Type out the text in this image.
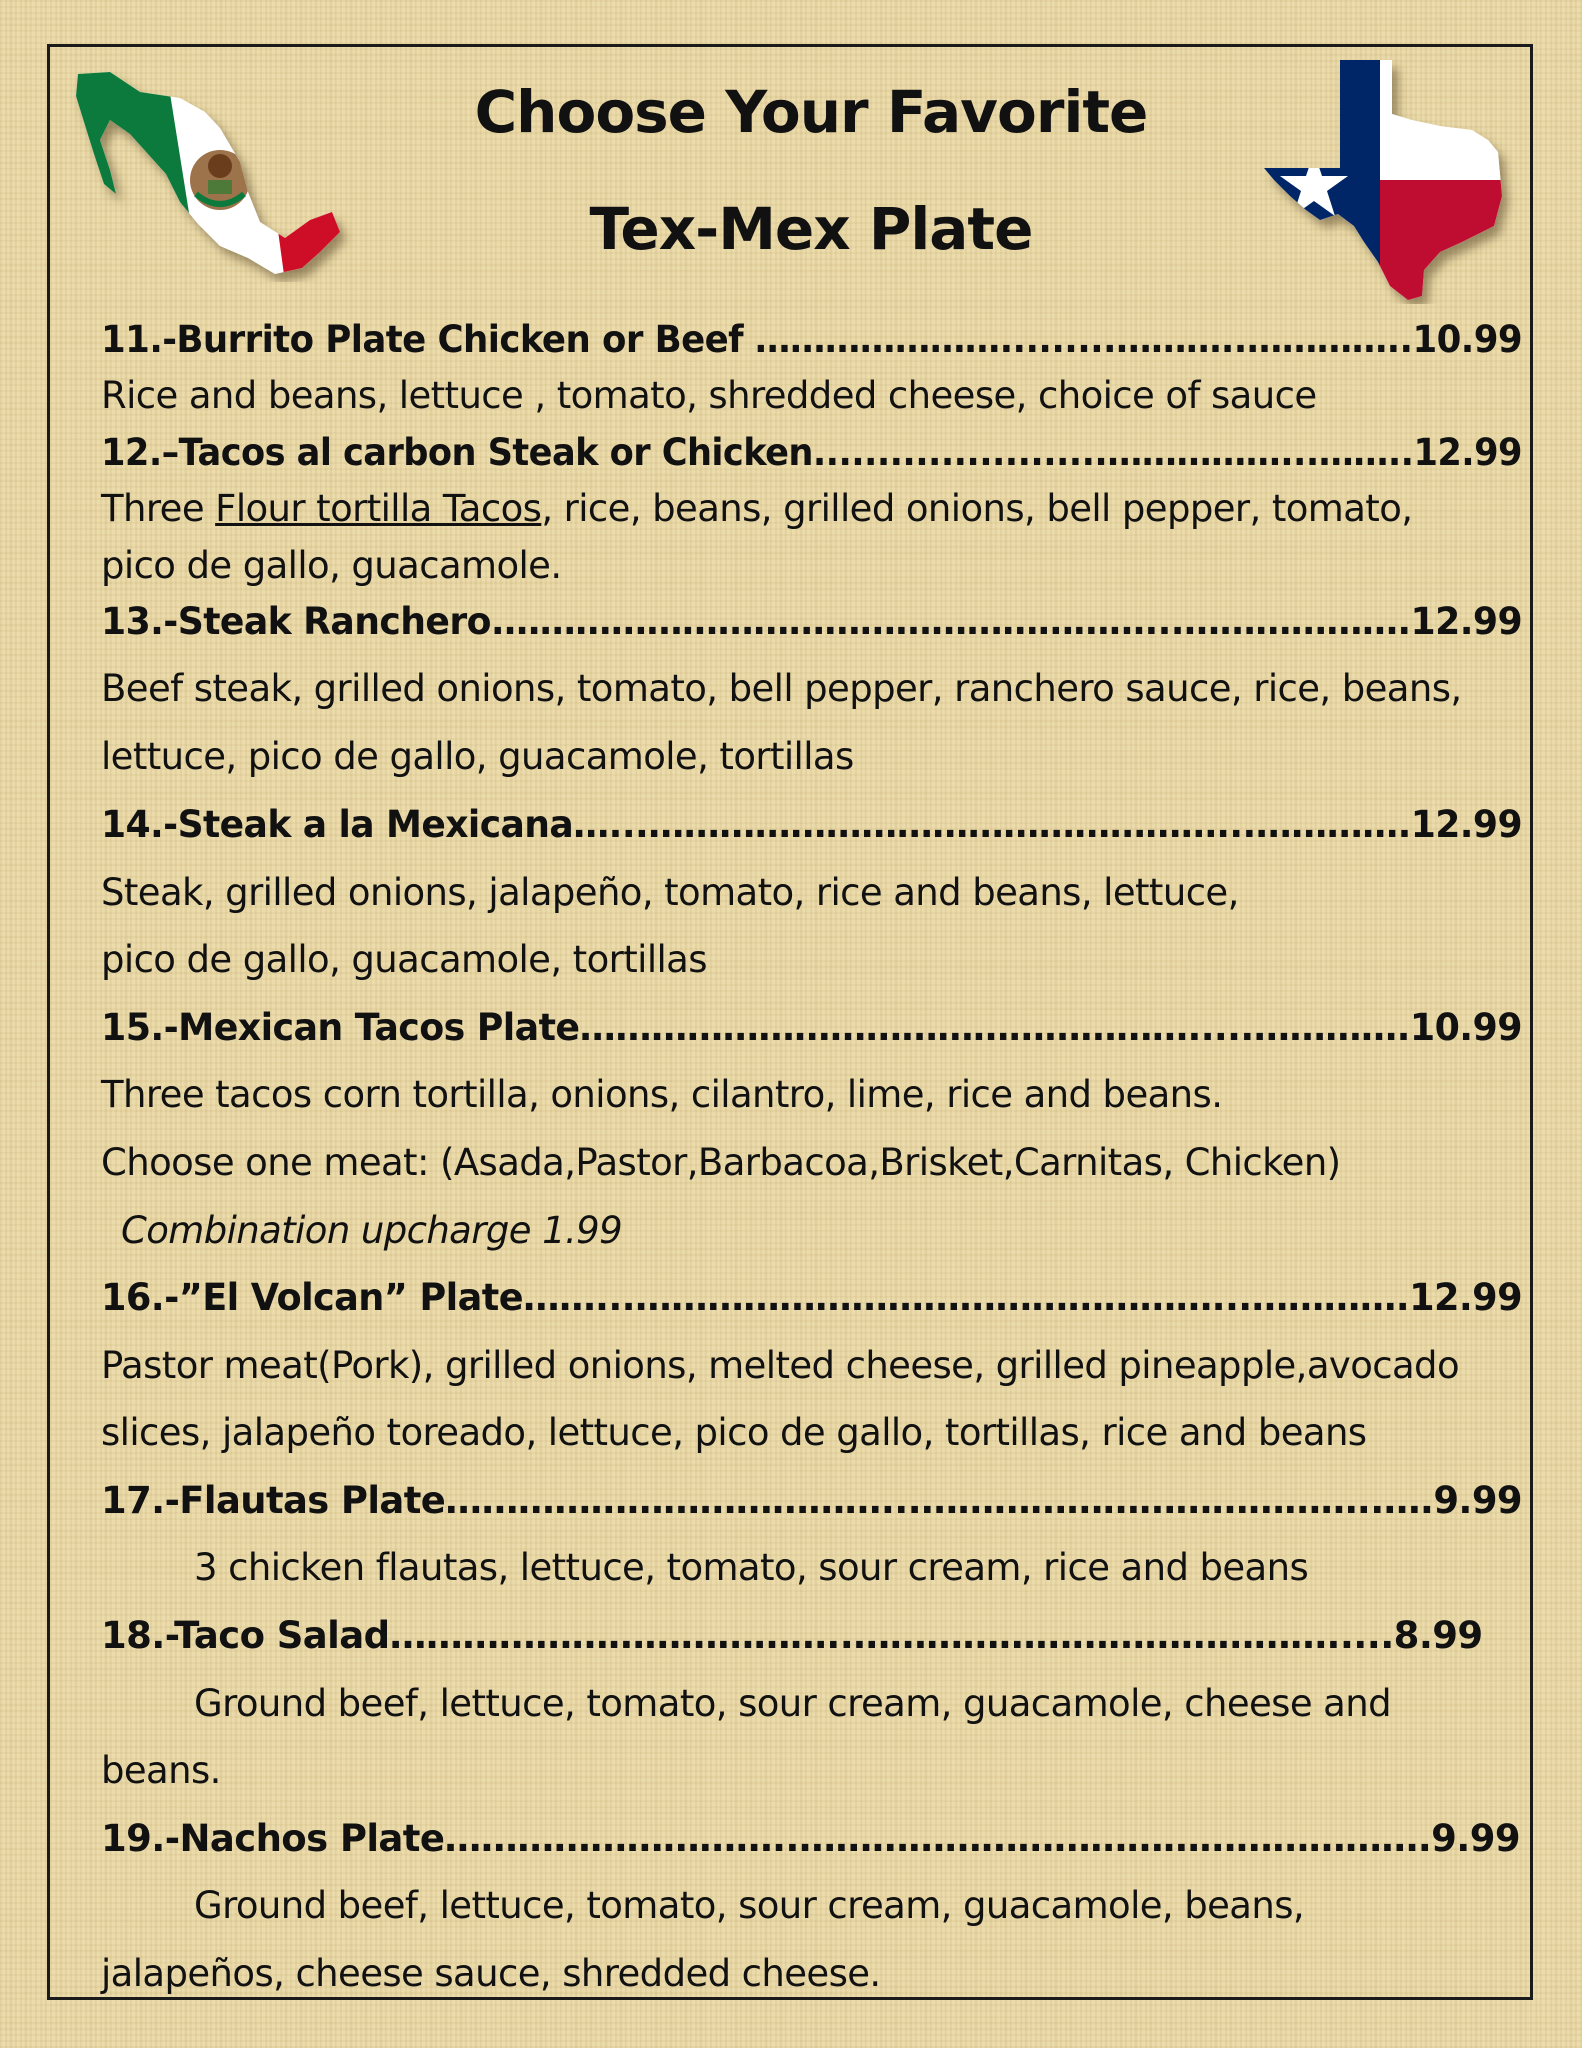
Choose Your Favorite
Tex-Mex Plate
11.-Burrito Plate Chicken or Beef ………………….........………..…………..10.99
Rice and beans, lettuce , tomato, shredded cheese, choice of sauce
12.–Tacos al carbon Steak or Chicken.......................……………...……..12.99
Three Flour tortilla Tacos, rice, beans, grilled onions, bell pepper, tomato,
pico de gallo, guacamole.
13.-Steak Ranchero.………………………………………………...……………….12.99
Beef steak, grilled onions, tomato, bell pepper, ranchero sauce, rice, beans,
lettuce, pico de gallo, guacamole, tortillas
14.-Steak a la Mexicana…...…………………………………………...………….12.99
Steak, grilled onions, jalapeño, tomato, rice and beans, lettuce,
pico de gallo, guacamole, tortillas
15.-Mexican Tacos Plate…………………………………………….....………….10.99
Three tacos corn tortilla, onions, cilantro, lime, rice and beans.
Choose one meat: (Asada,Pastor,Barbacoa,Brisket,Carnitas, Chicken)
Combination upcharge 1.99
16.-”El Volcan” Plate……...…………………………………………...………….12.99
Pastor meat(Pork), grilled onions, melted cheese, grilled pineapple,avocado
slices, jalapeño toreado, lettuce, pico de gallo, tortillas, rice and beans
17.-Flautas Plate………………………………...………………………………..….9.99
3 chicken flautas, lettuce, tomato, sour cream, rice and beans
18.-Taco Salad………………………………..………………………………….....8.99
Ground beef, lettuce, tomato, sour cream, guacamole, cheese and
beans.
19.-Nachos Plate………………………..…………………………………………….9.99
Ground beef, lettuce, tomato, sour cream, guacamole, beans,
jalapeños, cheese sauce, shredded cheese.
